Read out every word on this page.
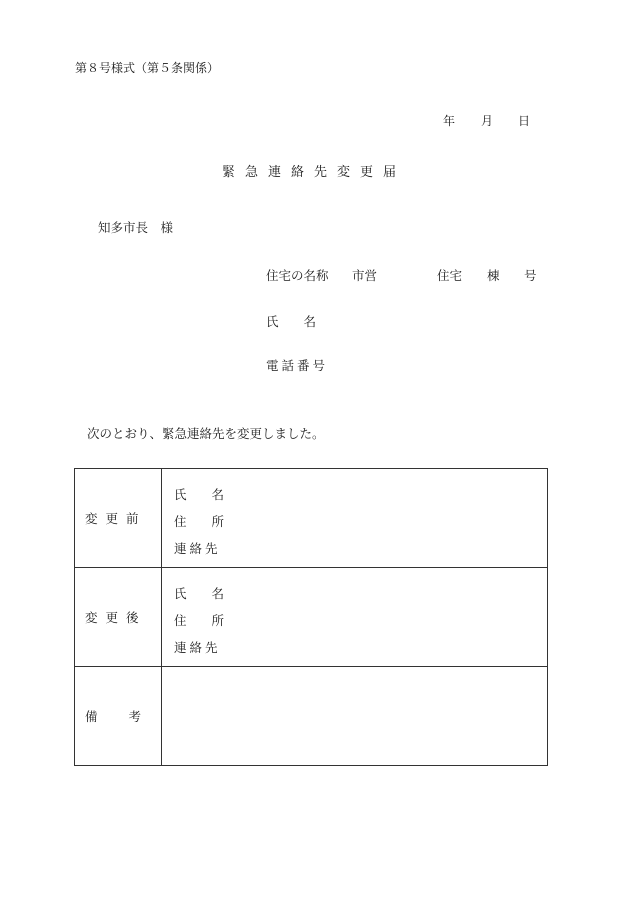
第８号様式（第５条関係）
年 月 日
緊急連絡先変更届
知多市長　様
住宅の名称 市営	住宅 棟 号
氏　　名
電話番号
次のとおり、緊急連絡先を変更しました。
変更前	氏　　名
住　　所
連絡先

変更後	氏　　名
住　　所
連絡先

備 考	
